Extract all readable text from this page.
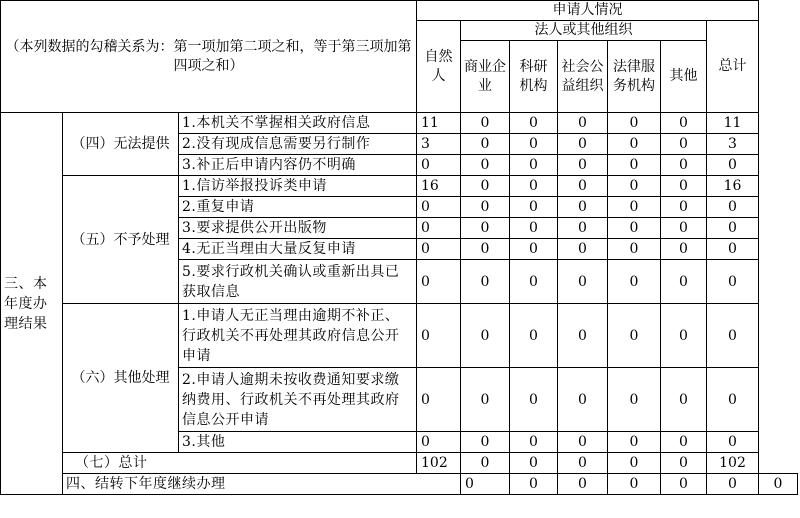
（本列数据的勾稽关系为：第一项加第二项之和，等于第三项加第四项之和）			申请人情况							
			自然人	法人或其他组织					总计	
				商业企业	科研机构	社会公益组织	法律服务机构	其他		
三、本年度办理结果	（四）无法提供	1.本机关不掌握相关政府信息	11	0	0	0	0	0	11	
		2.没有现成信息需要另行制作	3	0	0	0	0	0	3	
		3.补正后申请内容仍不明确	0	0	0	0	0	0	0	
	（五）不予处理	1.信访举报投诉类申请	16	0	0	0	0	0	16	
		2.重复申请	0	0	0	0	0	0	0	
		3.要求提供公开出版物	0	0	0	0	0	0	0	
		4.无正当理由大量反复申请	0	0	0	0	0	0	0	
		5.要求行政机关确认或重新出具已获取信息	0	0	0	0	0	0	0	
	（六）其他处理	1.申请人无正当理由逾期不补正、行政机关不再处理其政府信息公开申请	0	0	0	0	0	0	0	
		2.申请人逾期未按收费通知要求缴纳费用、行政机关不再处理其政府信息公开申请	0	0	0	0	0	0	0	
		3.其他	0	0	0	0	0	0	0	
	（七）总计		102	0	0	0	0	0	102	
	四、结转下年度继续办理			0	0	0	0	0	0	0
